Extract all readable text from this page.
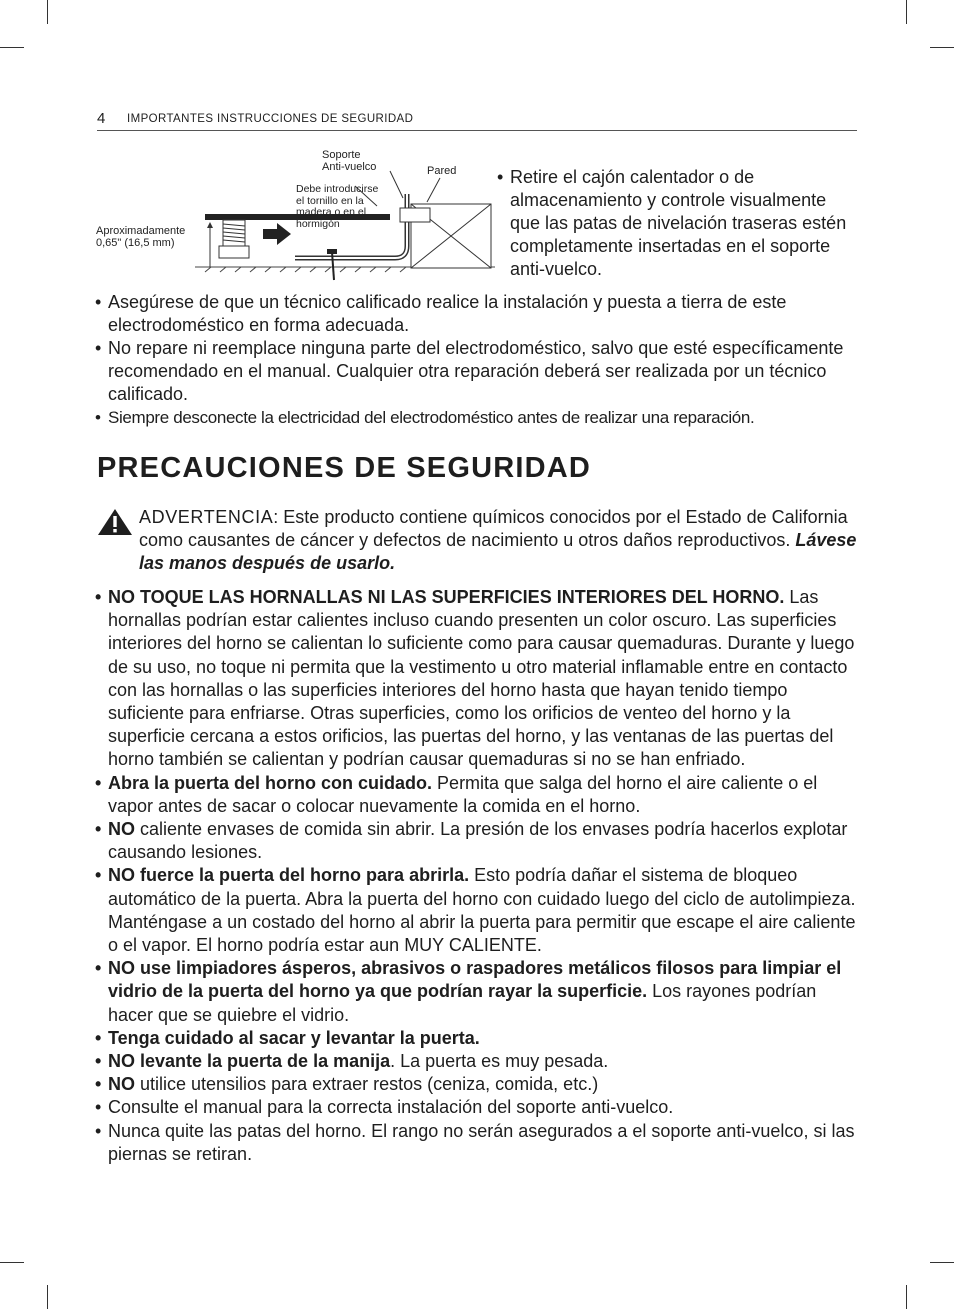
4 IMPORTANTES INSTRUCCIONES DE SEGURIDAD
Soporte
Anti-vuelco	Pared
Debe introducirse
el tornillo en la
madera o en el
hormigón
Aproximadamente
0,65" (16,5 mm)
• Retire el cajón calentador o de almacenamiento y controle visualmente que las patas de nivelación traseras estén completamente insertadas en el soporte anti-vuelco.
• Asegúrese de que un técnico calificado realice la instalación y puesta a tierra de este electrodoméstico en forma adecuada.
• No repare ni reemplace ninguna parte del electrodoméstico, salvo que esté específicamente recomendado en el manual. Cualquier otra reparación deberá ser realizada por un técnico calificado.
• Siempre desconecte la electricidad del electrodoméstico antes de realizar una reparación.
PRECAUCIONES DE SEGURIDAD
ADVERTENCIA: Este producto contiene químicos conocidos por el Estado de California como causantes de cáncer y defectos de nacimiento u otros daños reproductivos. Lávese las manos después de usarlo.
• NO TOQUE LAS HORNALLAS NI LAS SUPERFICIES INTERIORES DEL HORNO. Las hornallas podrían estar calientes incluso cuando presenten un color oscuro. Las superficies interiores del horno se calientan lo suficiente como para causar quemaduras. Durante y luego de su uso, no toque ni permita que la vestimento u otro material inflamable entre en contacto con las hornallas o las superficies interiores del horno hasta que hayan tenido tiempo suficiente para enfriarse. Otras superficies, como los orificios de venteo del horno y la superficie cercana a estos orificios, las puertas del horno, y las ventanas de las puertas del horno también se calientan y podrían causar quemaduras si no se han enfriado.
• Abra la puerta del horno con cuidado. Permita que salga del horno el aire caliente o el vapor antes de sacar o colocar nuevamente la comida en el horno.
• NO caliente envases de comida sin abrir. La presión de los envases podría hacerlos explotar causando lesiones.
• NO fuerce la puerta del horno para abrirla. Esto podría dañar el sistema de bloqueo automático de la puerta. Abra la puerta del horno con cuidado luego del ciclo de autolimpieza. Manténgase a un costado del horno al abrir la puerta para permitir que escape el aire caliente o el vapor. El horno podría estar aun MUY CALIENTE.
• NO use limpiadores ásperos, abrasivos o raspadores metálicos filosos para limpiar el vidrio de la puerta del horno ya que podrían rayar la superficie. Los rayones podrían hacer que se quiebre el vidrio.
• Tenga cuidado al sacar y levantar la puerta.
• NO levante la puerta de la manija. La puerta es muy pesada.
• NO utilice utensilios para extraer restos (ceniza, comida, etc.)
• Consulte el manual para la correcta instalación del soporte anti-vuelco.
• Nunca quite las patas del horno. El rango no serán asegurados a el soporte anti-vuelco, si las piernas se retiran.
